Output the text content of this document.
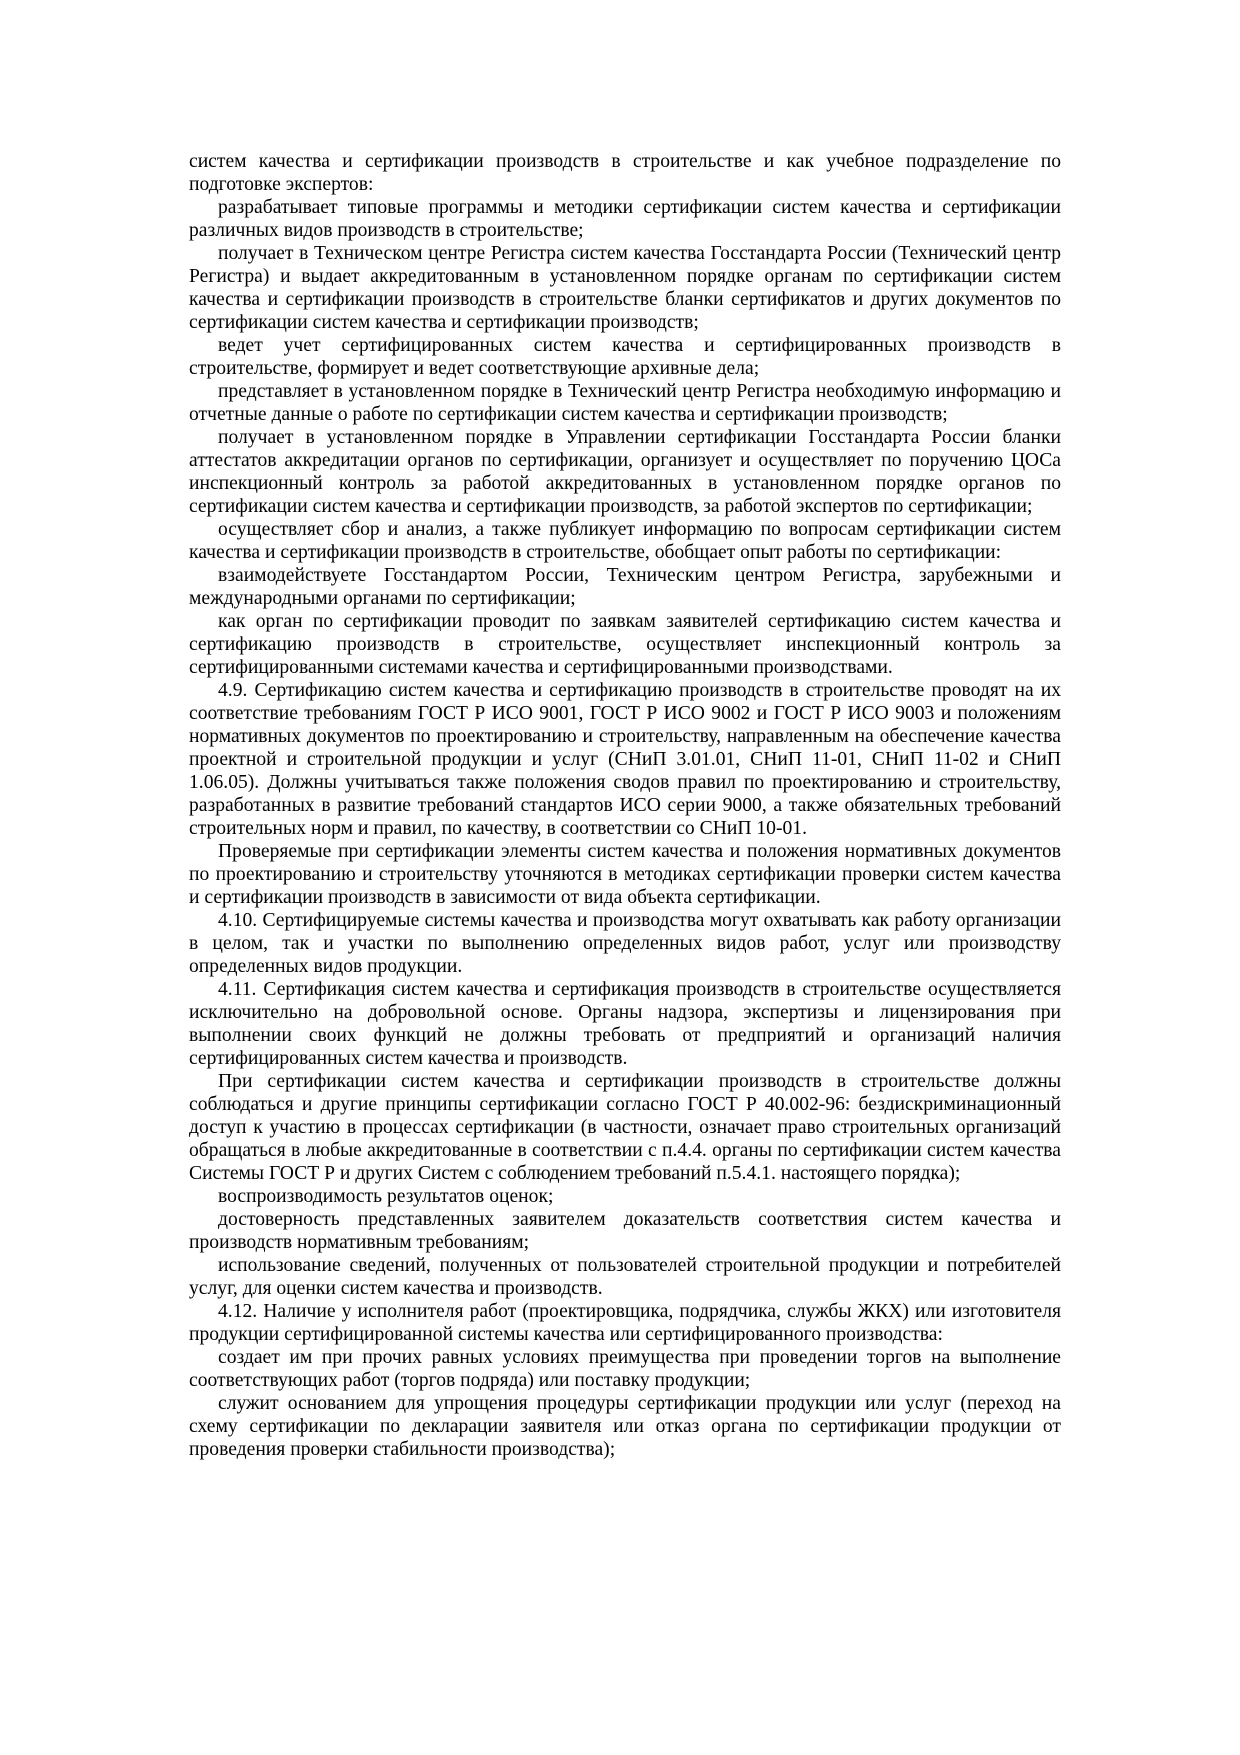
систем качества и сертификации производств в строительстве и как учебное подразделение по подготовке экспертов:

разрабатывает типовые программы и методики сертификации систем качества и сертификации различных видов производств в строительстве;

получает в Техническом центре Регистра систем качества Госстандарта России (Технический центр Регистра) и выдает аккредитованным в установленном порядке органам по сертификации систем качества и сертификации производств в строительстве бланки сертификатов и других документов по сертификации систем качества и сертификации производств;

ведет учет сертифицированных систем качества и сертифицированных производств в строительстве, формирует и ведет соответствующие архивные дела;

представляет в установленном порядке в Технический центр Регистра необходимую информацию и отчетные данные о работе по сертификации систем качества и сертификации производств;

получает в установленном порядке в Управлении сертификации Госстандарта России бланки аттестатов аккредитации органов по сертификации, организует и осуществляет по поручению ЦОСа инспекционный контроль за работой аккредитованных в установленном порядке органов по сертификации систем качества и сертификации производств, за работой экспертов по сертификации;

осуществляет сбор и анализ, а также публикует информацию по вопросам сертификации систем качества и сертификации производств в строительстве, обобщает опыт работы по сертификации:

взаимодействуете Госстандартом России, Техническим центром Регистра, зарубежными и международными органами по сертификации;

как орган по сертификации проводит по заявкам заявителей сертификацию систем качества и сертификацию производств в строительстве, осуществляет инспекционный контроль за сертифицированными системами качества и сертифицированными производствами.

4.9. Сертификацию систем качества и сертификацию производств в строительстве проводят на их соответствие требованиям ГОСТ Р ИСО 9001, ГОСТ Р ИСО 9002 и ГОСТ Р ИСО 9003 и положениям нормативных документов по проектированию и строительству, направленным на обеспечение качества проектной и строительной продукции и услуг (СНиП 3.01.01, СНиП 11-01, СНиП 11-02 и СНиП 1.06.05). Должны учитываться также положения сводов правил по проектированию и строительству, разработанных в развитие требований стандартов ИСО серии 9000, а также обязательных требований строительных норм и правил, по качеству, в соответствии со СНиП 10-01.

Проверяемые при сертификации элементы систем качества и положения нормативных документов по проектированию и строительству уточняются в методиках сертификации проверки систем качества и сертификации производств в зависимости от вида объекта сертификации.

4.10. Сертифицируемые системы качества и производства могут охватывать как работу организации в целом, так и участки по выполнению определенных видов работ, услуг или производству определенных видов продукции.

4.11. Сертификация систем качества и сертификация производств в строительстве осуществляется исключительно на добровольной основе. Органы надзора, экспертизы и лицензирования при выполнении своих функций не должны требовать от предприятий и организаций наличия сертифицированных систем качества и производств.

При сертификации систем качества и сертификации производств в строительстве должны соблюдаться и другие принципы сертификации согласно ГОСТ Р 40.002-96: бездискриминационный доступ к участию в процессах сертификации (в частности, означает право строительных организаций обращаться в любые аккредитованные в соответствии с п.4.4. органы по сертификации систем качества Системы ГОСТ Р и других Систем с соблюдением требований п.5.4.1. настоящего порядка);

воспроизводимость результатов оценок;

достоверность представленных заявителем доказательств соответствия систем качества и производств нормативным требованиям;

использование сведений, полученных от пользователей строительной продукции и потребителей услуг, для оценки систем качества и производств.

4.12. Наличие у исполнителя работ (проектировщика, подрядчика, службы ЖКХ) или изготовителя продукции сертифицированной системы качества или сертифицированного производства:

создает им при прочих равных условиях преимущества при проведении торгов на выполнение соответствующих работ (торгов подряда) или поставку продукции;

служит основанием для упрощения процедуры сертификации продукции или услуг (переход на схему сертификации по декларации заявителя или отказ органа по сертификации продукции от проведения проверки стабильности производства);
